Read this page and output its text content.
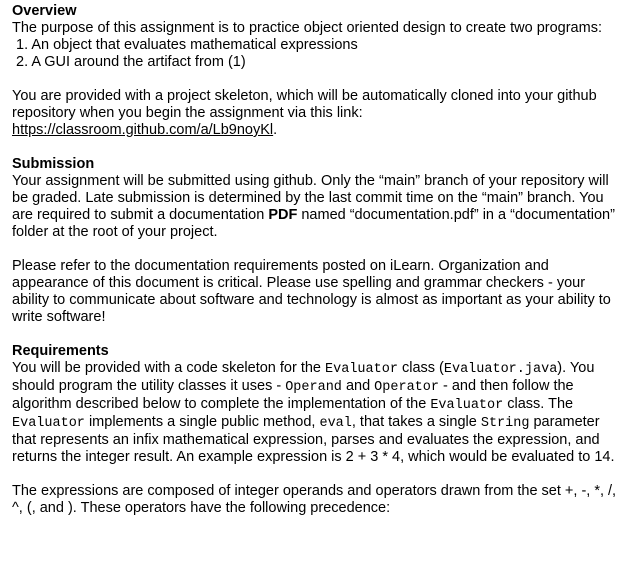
Overview

The purpose of this assignment is to practice object oriented design to create two programs:

1. An object that evaluates mathematical expressions
2. A GUI around the artifact from (1)

You are provided with a project skeleton, which will be automatically cloned into your github repository when you begin the assignment via this link: https://classroom.github.com/a/Lb9noyKl.

Submission

Your assignment will be submitted using github. Only the “main” branch of your repository will be graded. Late submission is determined by the last commit time on the “main” branch. You are required to submit a documentation PDF named “documentation.pdf” in a “documentation” folder at the root of your project.

Please refer to the documentation requirements posted on iLearn. Organization and appearance of this document is critical. Please use spelling and grammar checkers - your ability to communicate about software and technology is almost as important as your ability to write software!

Requirements

You will be provided with a code skeleton for the Evaluator class (Evaluator.java). You should program the utility classes it uses - Operand and Operator - and then follow the algorithm described below to complete the implementation of the Evaluator class. The Evaluator implements a single public method, eval, that takes a single String parameter that represents an infix mathematical expression, parses and evaluates the expression, and returns the integer result. An example expression is 2 + 3 * 4, which would be evaluated to 14.

The expressions are composed of integer operands and operators drawn from the set +, -, *, /, ^, (, and ). These operators have the following precedence:
